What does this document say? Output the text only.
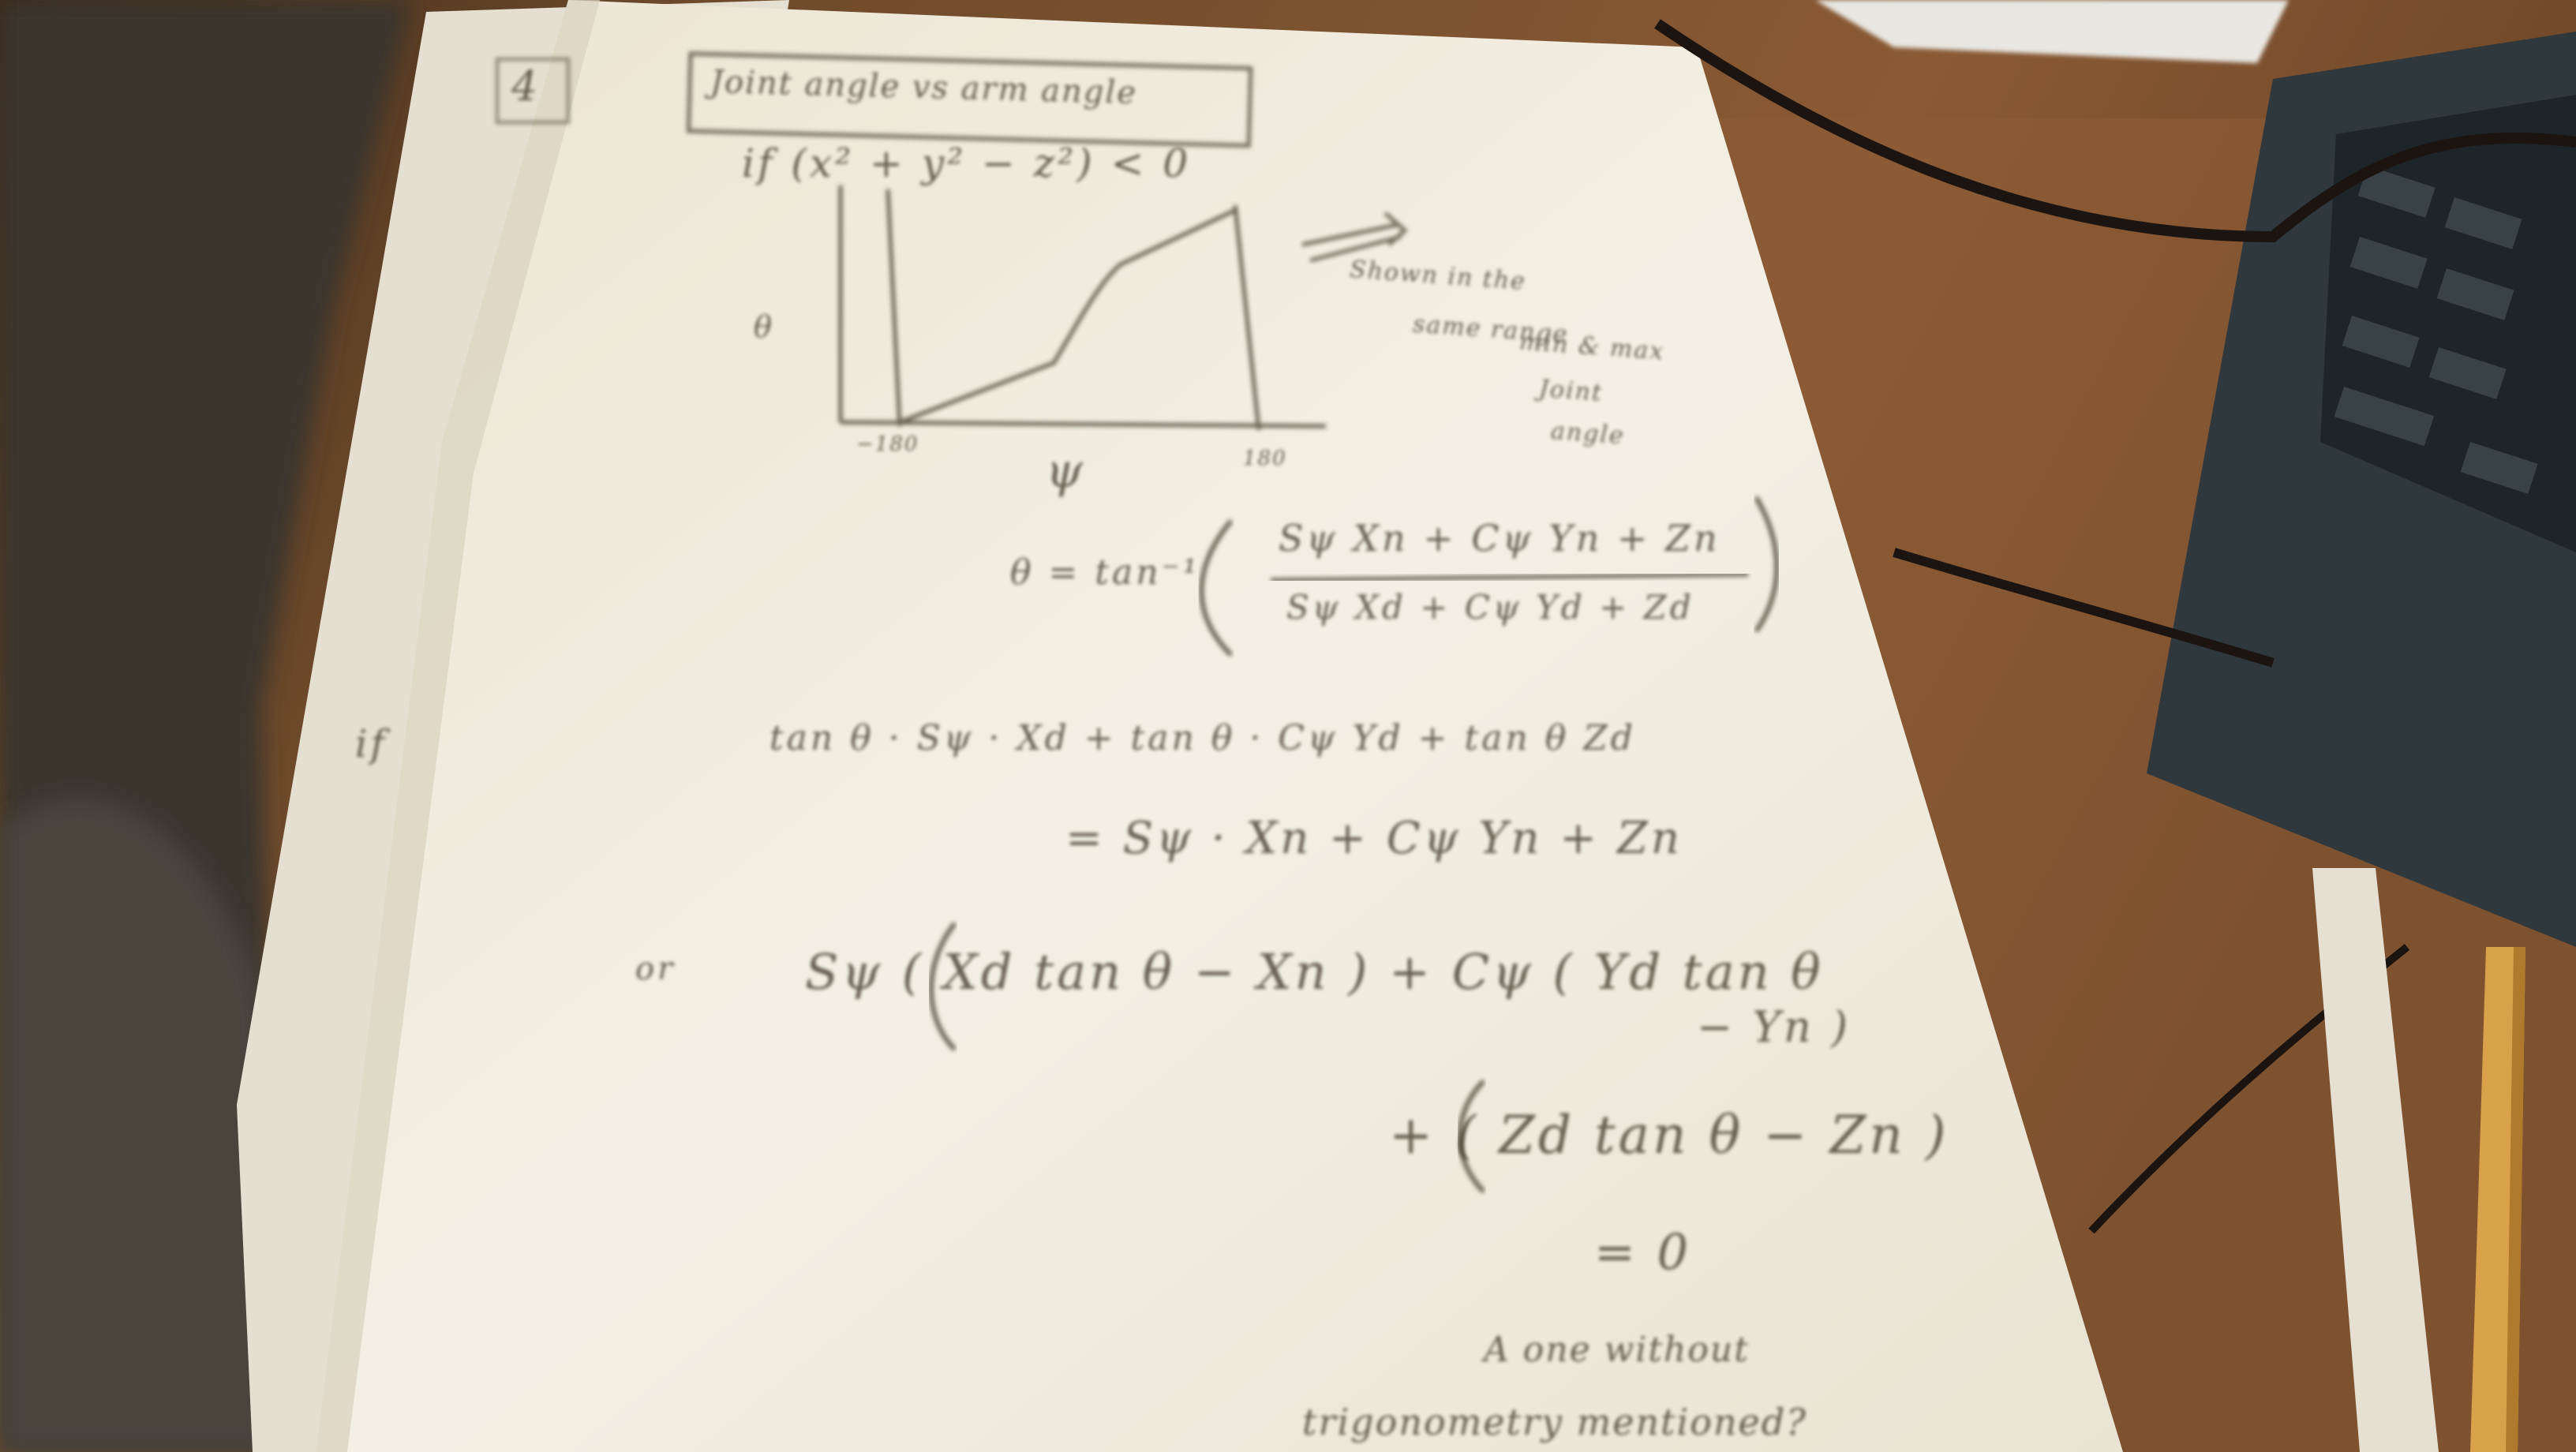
4	Joint angle vs arm angle
if (x² + y² − z²) < 0
θ
−180
180
ψ
Shown in the
same range
min & max
Joint
angle
θ = tan⁻¹
Sψ Xn + Cψ Yn + Zn
Sψ Xd + Cψ Yd + Zd
if	tan θ · Sψ · Xd + tan θ · Cψ Yd + tan θ Zd
= Sψ · Xn + Cψ Yn + Zn
or	Sψ ( Xd tan θ − Xn ) + Cψ ( Yd tan θ
− Yn )
+ ( Zd tan θ − Zn )
= 0
A one without
trigonometry mentioned?
